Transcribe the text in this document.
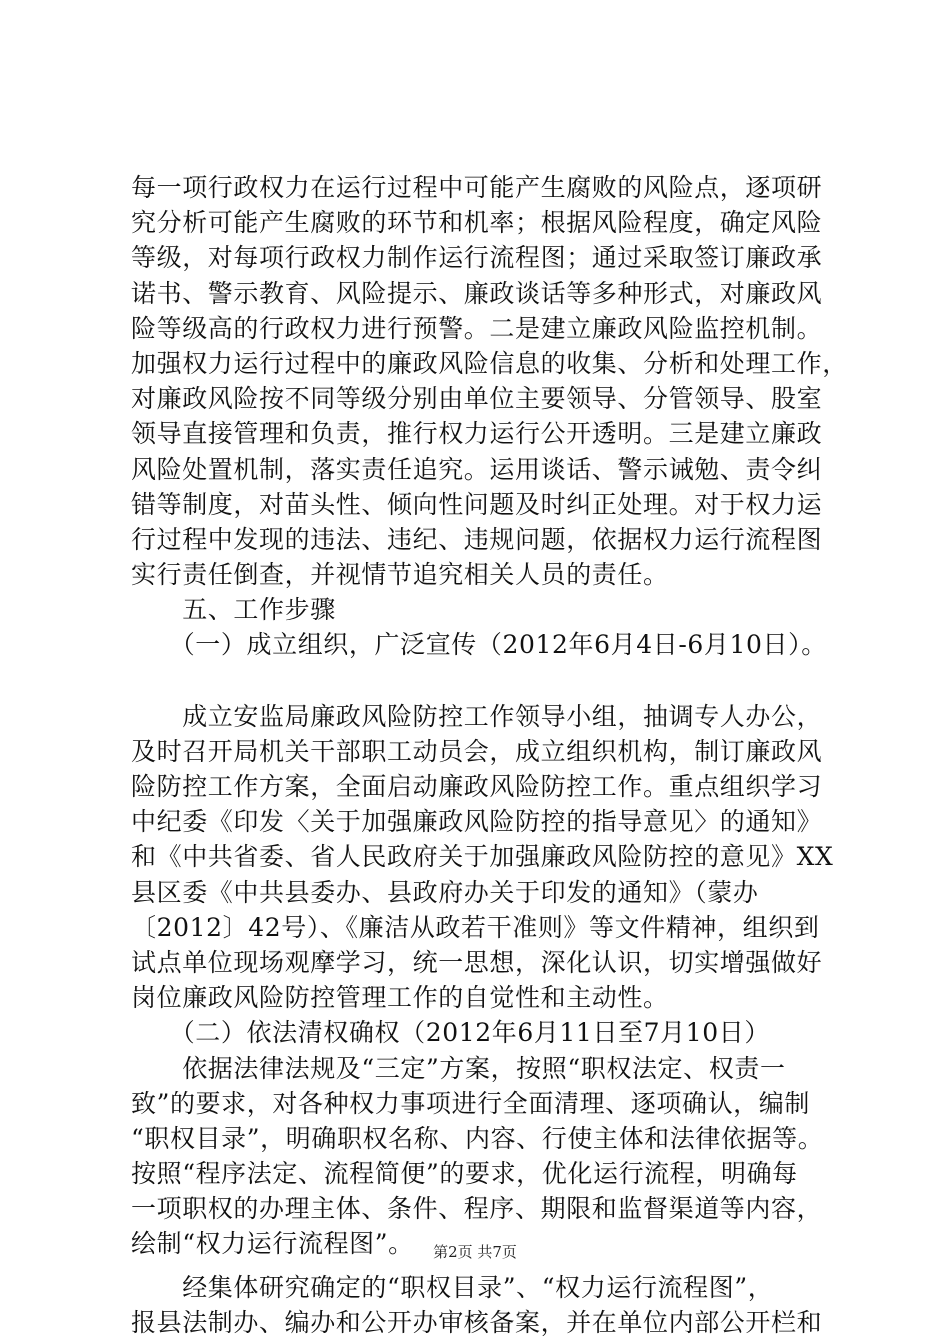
每一项行政权力在运行过程中可能产生腐败的风险点，逐项研
究分析可能产生腐败的环节和机率；根据风险程度，确定风险
等级，对每项行政权力制作运行流程图；通过采取签订廉政承
诺书、警示教育、风险提示、廉政谈话等多种形式，对廉政风
险等级高的行政权力进行预警。二是建立廉政风险监控机制。
加强权力运行过程中的廉政风险信息的收集、分析和处理工作，
对廉政风险按不同等级分别由单位主要领导、分管领导、股室
领导直接管理和负责，推行权力运行公开透明。三是建立廉政
风险处置机制，落实责任追究。运用谈话、警示诫勉、责令纠
错等制度，对苗头性、倾向性问题及时纠正处理。对于权力运
行过程中发现的违法、违纪、违规问题，依据权力运行流程图
实行责任倒查，并视情节追究相关人员的责任。
　　五、工作步骤
　　（一）成立组织，广泛宣传（2012年6月4日-6月10日）。
　　成立安监局廉政风险防控工作领导小组，抽调专人办公，
及时召开局机关干部职工动员会，成立组织机构，制订廉政风
险防控工作方案，全面启动廉政风险防控工作。重点组织学习
中纪委《印发〈关于加强廉政风险防控的指导意见〉的通知》
和《中共省委、省人民政府关于加强廉政风险防控的意见》XX
县区委《中共县委办、县政府办关于印发的通知》（蒙办
〔2012〕42号）、《廉洁从政若干准则》等文件精神，组织到
试点单位现场观摩学习，统一思想，深化认识，切实增强做好
岗位廉政风险防控管理工作的自觉性和主动性。
　　（二）依法清权确权（2012年6月11日至7月10日）
　　依据法律法规及“三定”方案，按照“职权法定、权责一
致”的要求，对各种权力事项进行全面清理、逐项确认，编制
“职权目录”，明确职权名称、内容、行使主体和法律依据等。
按照“程序法定、流程简便”的要求，优化运行流程，明确每
一项职权的办理主体、条件、程序、期限和监督渠道等内容，
绘制“权力运行流程图”。
　　经集体研究确定的“职权目录”、“权力运行流程图”，
报县法制办、编办和公开办审核备案，并在单位内部公开栏和
第2页 共7页
